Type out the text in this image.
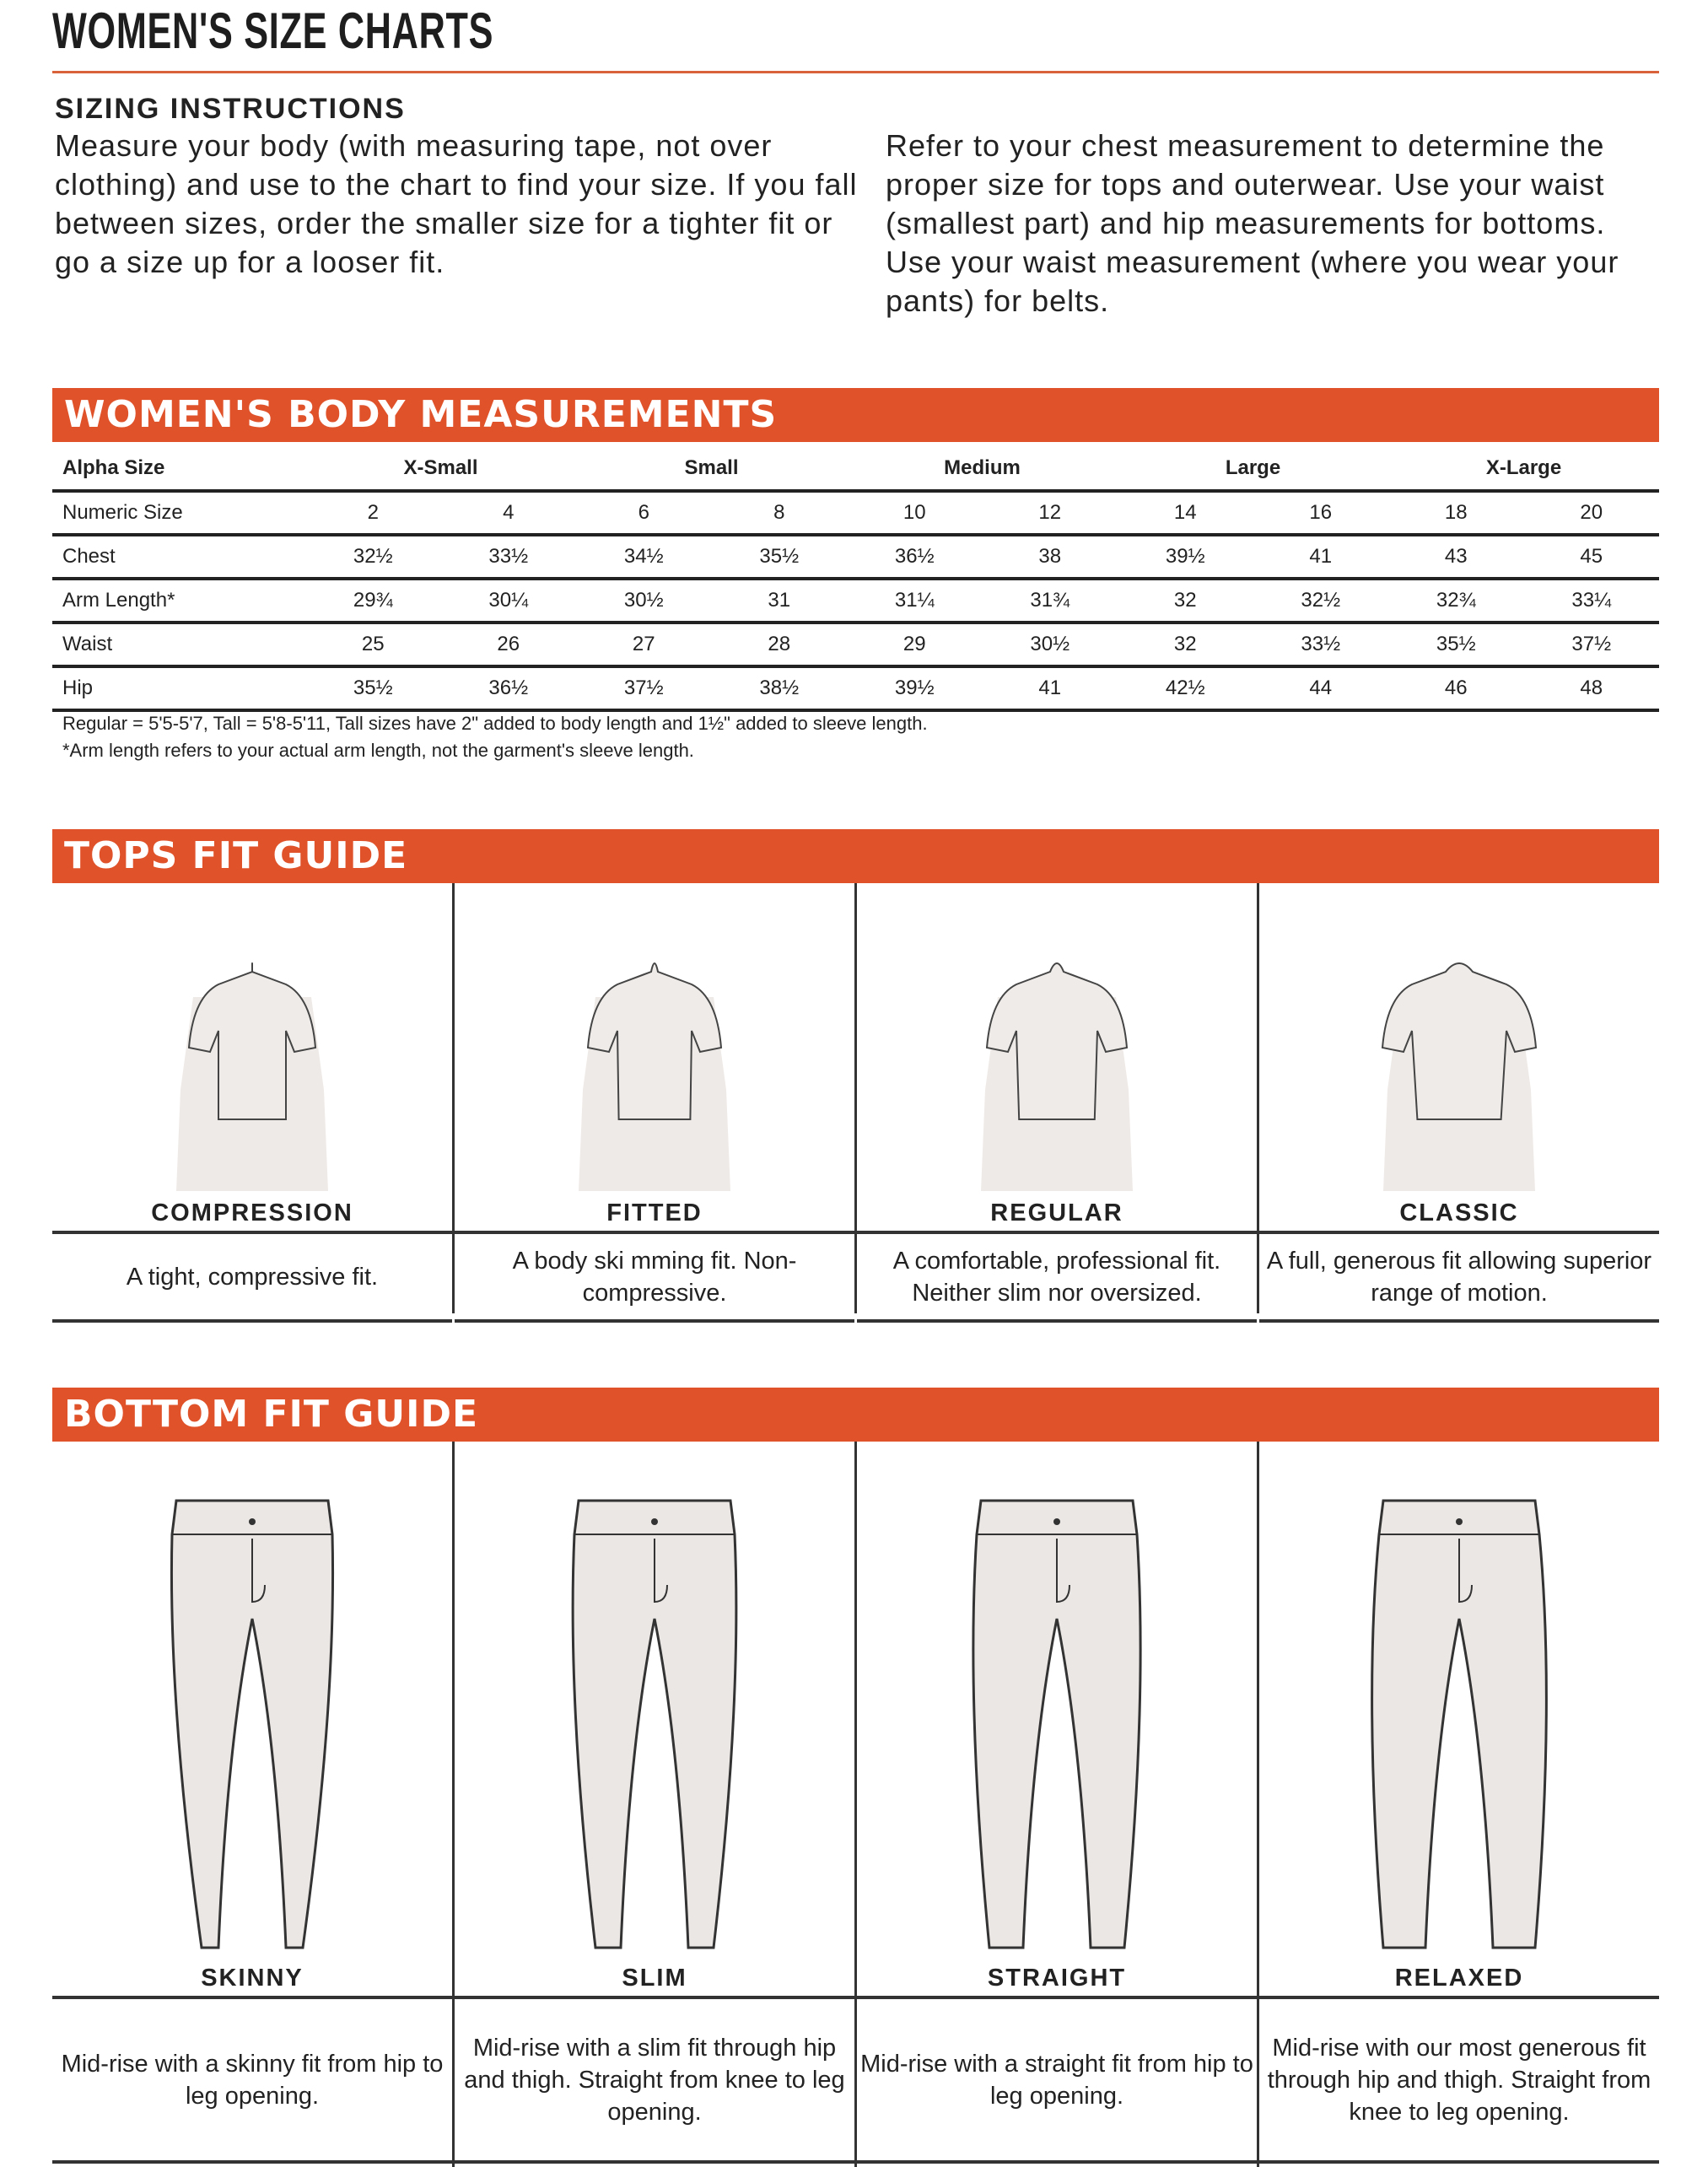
WOMEN'S SIZE CHARTS
SIZING INSTRUCTIONS
Measure your body (with measuring tape, not over clothing) and use to the chart to find your size. If you fall between sizes, order the smaller size for a tighter fit or go a size up for a looser fit.
Refer to your chest measurement to determine the proper size for tops and outerwear. Use your waist (smallest part) and hip measurements for bottoms. Use your waist measurement (where you wear your pants) for belts.
WOMEN'S BODY MEASUREMENTS
Alpha Size	X-Small		Small		Medium		Large		X-Large	
Numeric Size	2	4	6	8	10	12	14	16	18	20
Chest	32½	33½	34½	35½	36½	38	39½	41	43	45
Arm Length*	29¾	30¼	30½	31	31¼	31¾	32	32½	32¾	33¼
Waist	25	26	27	28	29	30½	32	33½	35½	37½
Hip	35½	36½	37½	38½	39½	41	42½	44	46	48
Regular = 5'5-5'7, Tall = 5'8-5'11, Tall sizes have 2" added to body length and 1½" added to sleeve length.
*Arm length refers to your actual arm length, not the garment's sleeve length.
TOPS FIT GUIDE
COMPRESSION
A tight, compressive fit.
FITTED
A body ski mming fit. Non-compressive.
REGULAR
A comfortable, professional fit. Neither slim nor oversized.
CLASSIC
A full, generous fit allowing superior range of motion.
BOTTOM FIT GUIDE
SKINNY
Mid-rise with a skinny fit from hip to leg opening.
SLIM
Mid-rise with a slim fit through hip and thigh. Straight from knee to leg opening.
STRAIGHT
Mid-rise with a straight fit from hip to leg opening.
RELAXED
Mid-rise with our most generous fit through hip and thigh. Straight from knee to leg opening.
